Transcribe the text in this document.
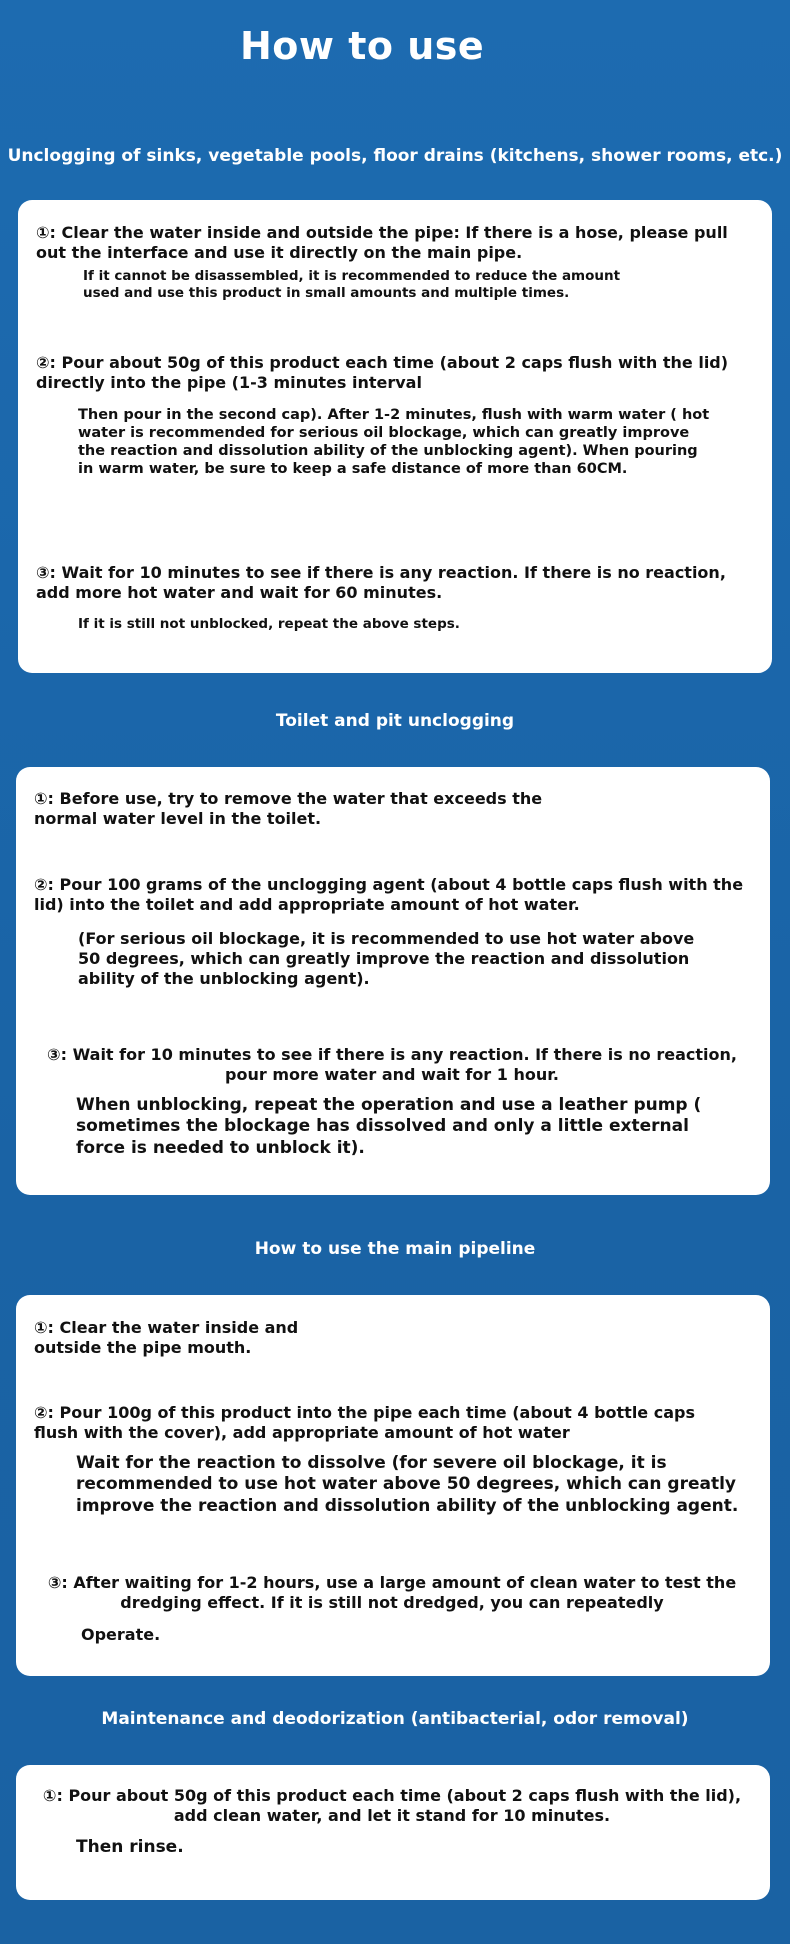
How to use
Unclogging of sinks, vegetable pools, floor drains (kitchens, shower rooms, etc.)
①: Clear the water inside and outside the pipe: If there is a hose, please pull out the interface and use it directly on the main pipe.
If it cannot be disassembled, it is recommended to reduce the amount used and use this product in small amounts and multiple times.
②: Pour about 50g of this product each time (about 2 caps flush with the lid) directly into the pipe (1-3 minutes interval
Then pour in the second cap). After 1-2 minutes, flush with warm water ( hot water is recommended for serious oil blockage, which can greatly improve the reaction and dissolution ability of the unblocking agent). When pouring in warm water, be sure to keep a safe distance of more than 60CM.
③: Wait for 10 minutes to see if there is any reaction. If there is no reaction, add more hot water and wait for 60 minutes.
If it is still not unblocked, repeat the above steps.
Toilet and pit unclogging
①: Before use, try to remove the water that exceeds the normal water level in the toilet.
②: Pour 100 grams of the unclogging agent (about 4 bottle caps flush with the lid) into the toilet and add appropriate amount of hot water.
(For serious oil blockage, it is recommended to use hot water above 50 degrees, which can greatly improve the reaction and dissolution ability of the unblocking agent).
③: Wait for 10 minutes to see if there is any reaction. If there is no reaction, pour more water and wait for 1 hour.
When unblocking, repeat the operation and use a leather pump ( sometimes the blockage has dissolved and only a little external force is needed to unblock it).
How to use the main pipeline
①: Clear the water inside and outside the pipe mouth.
②: Pour 100g of this product into the pipe each time (about 4 bottle caps flush with the cover), add appropriate amount of hot water
Wait for the reaction to dissolve (for severe oil blockage, it is recommended to use hot water above 50 degrees, which can greatly improve the reaction and dissolution ability of the unblocking agent.
③: After waiting for 1-2 hours, use a large amount of clean water to test the dredging effect. If it is still not dredged, you can repeatedly
Operate.
Maintenance and deodorization (antibacterial, odor removal)
①: Pour about 50g of this product each time (about 2 caps flush with the lid), add clean water, and let it stand for 10 minutes.
Then rinse.
